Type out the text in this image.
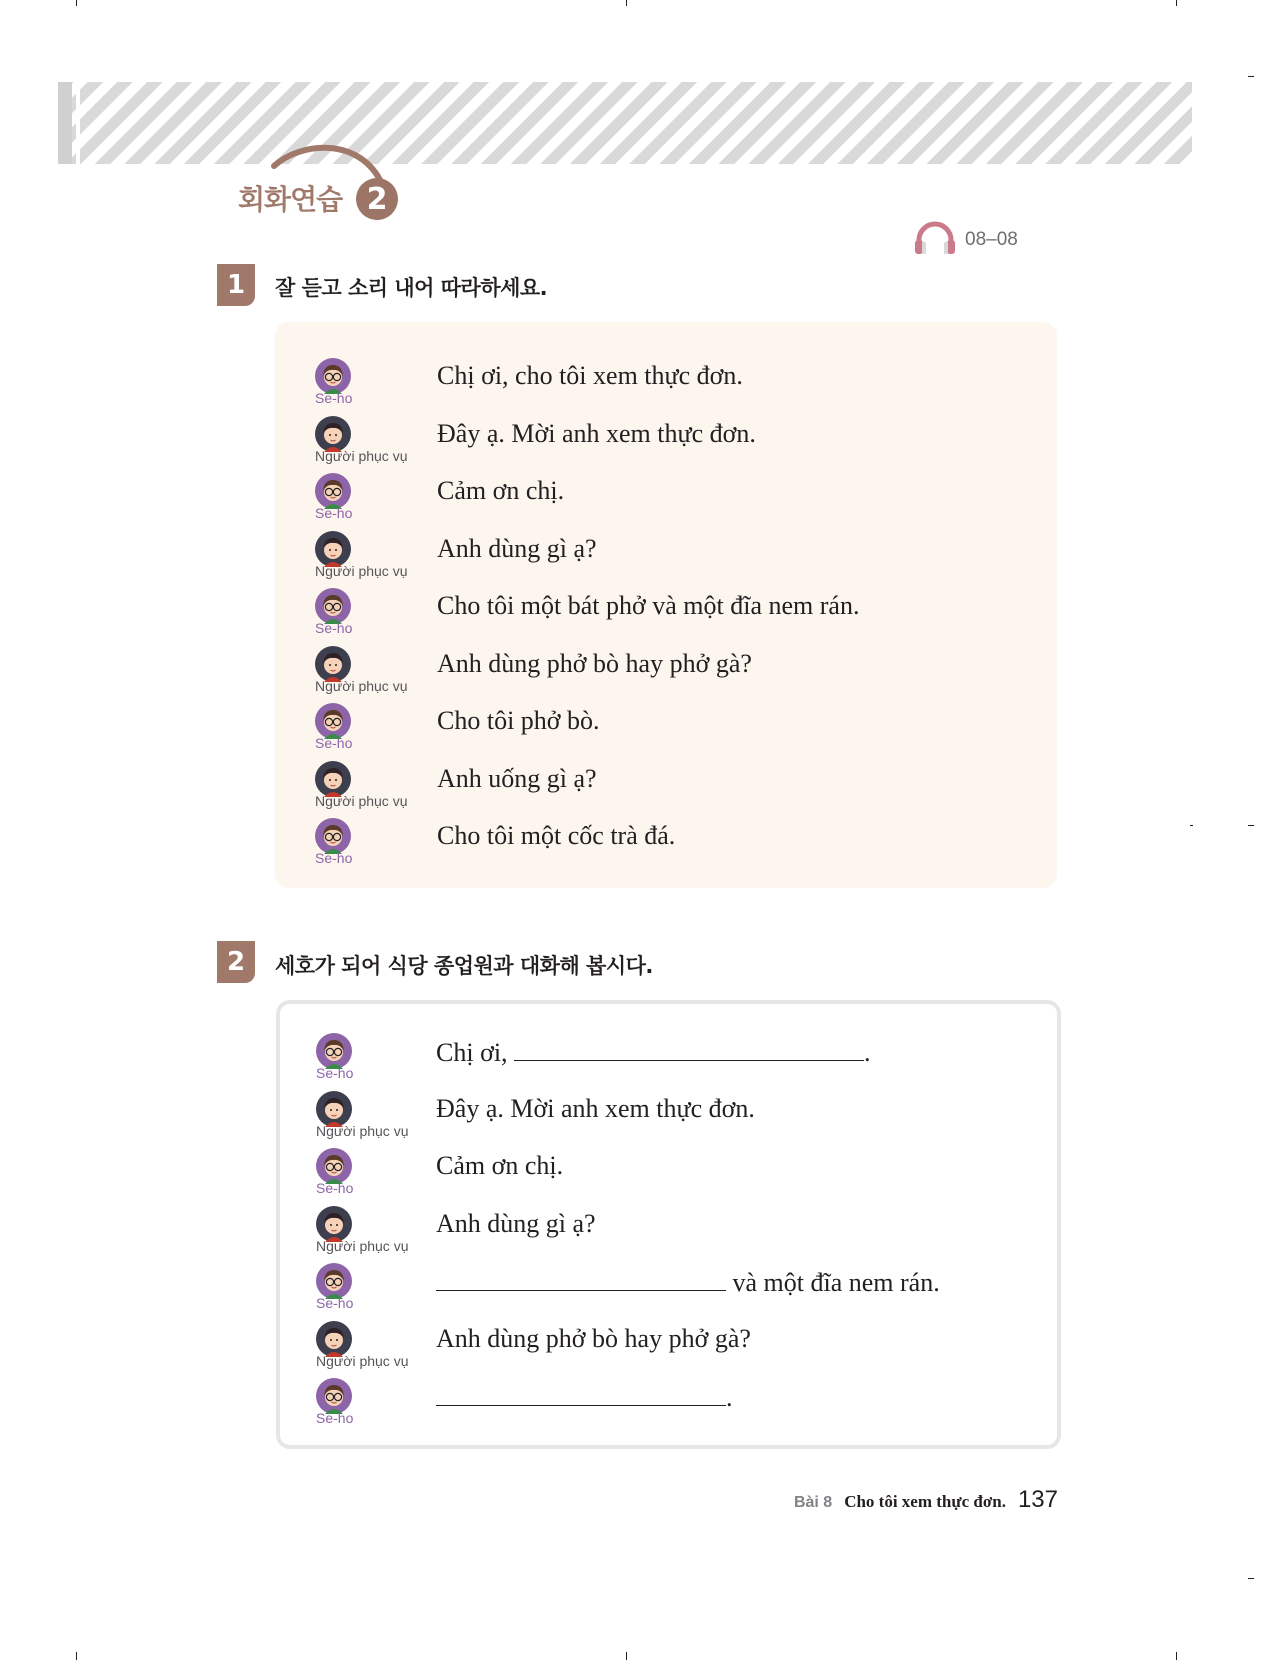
회화연습 2
08–08
1	잘 듣고 소리 내어 따라하세요.
Se-ho
Chị ơi, cho tôi xem thực đơn.
Người phục vụ
Đây ạ. Mời anh xem thực đơn.
Se-ho
Cảm ơn chị.
Người phục vụ
Anh dùng gì ạ?
Se-ho
Cho tôi một bát phở và một đĩa nem rán.
Người phục vụ
Anh dùng phở bò hay phở gà?
Se-ho
Cho tôi phở bò.
Người phục vụ
Anh uống gì ạ?
Se-ho
Cho tôi một cốc trà đá.
2	세호가 되어 식당 종업원과 대화해 봅시다.
Se-ho
Chị ơi,	.
Người phục vụ
Đây ạ. Mời anh xem thực đơn.
Se-ho
Cảm ơn chị.
Người phục vụ
Anh dùng gì ạ?
Se-ho
và một đĩa nem rán.
Người phục vụ
Anh dùng phở bò hay phở gà?
Se-ho
.
Bài 8 Cho tôi xem thực đơn. 137
